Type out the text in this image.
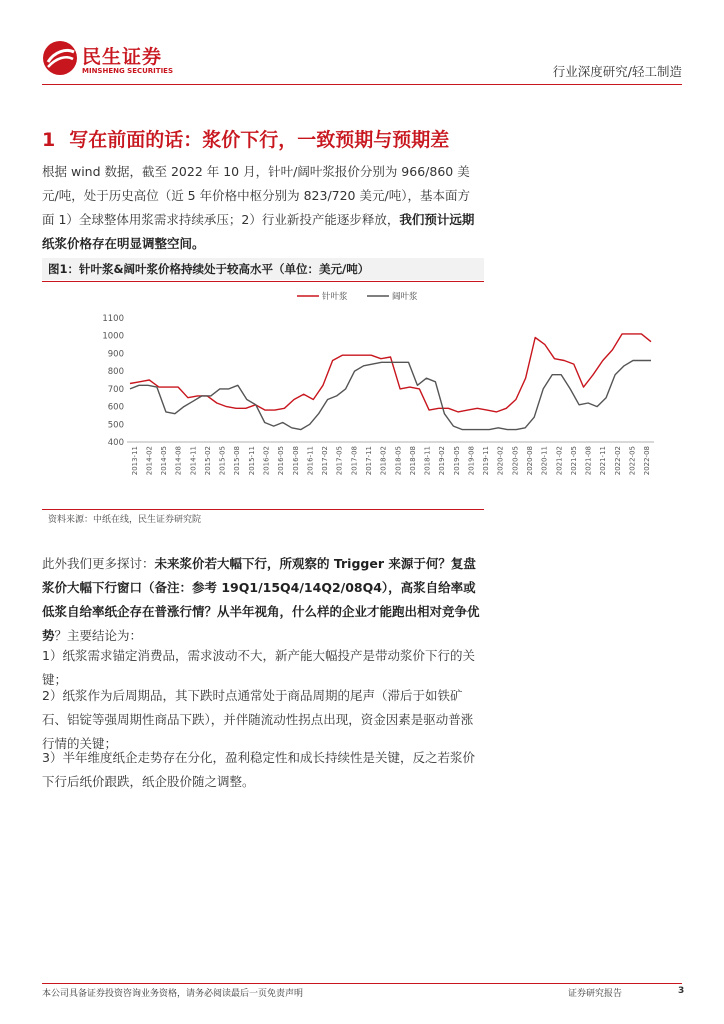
民生证券
MINSHENG SECURITIES	行业深度研究/轻工制造
1 写在前面的话：浆价下行，一致预期与预期差
根据 wind 数据，截至 2022 年 10 月，针叶/阔叶浆报价分别为 966/860 美元/吨，处于历史高位（近 5 年价格中枢分别为 823/720 美元/吨），基本面方面 1）全球整体用浆需求持续承压；2）行业新投产能逐步释放，我们预计远期纸浆价格存在明显调整空间。
图1：针叶浆&阔叶浆价格持续处于较高水平（单位：美元/吨）
针叶浆	阔叶浆
400
500
600
700
800
900
1000
1100
2013-11 2014-02 2014-05 2014-08 2014-11 2015-02 2015-05 2015-08 2015-11 2016-02 2016-05 2016-08 2016-11 2017-02 2017-05 2017-08 2017-11 2018-02 2018-05 2018-08 2018-11 2019-02 2019-05 2019-08 2019-11 2020-02 2020-05 2020-08 2020-11 2021-02 2021-05 2021-08 2021-11 2022-02 2022-05 2022-08
资料来源：中纸在线，民生证券研究院
此外我们更多探讨：未来浆价若大幅下行，所观察的 Trigger 来源于何？复盘浆价大幅下行窗口（备注：参考 19Q1/15Q4/14Q2/08Q4），高浆自给率或低浆自给率纸企存在普涨行情？从半年视角，什么样的企业才能跑出相对竞争优势？主要结论为：
1）纸浆需求锚定消费品，需求波动不大，新产能大幅投产是带动浆价下行的关键；
2）纸浆作为后周期品，其下跌时点通常处于商品周期的尾声（滞后于如铁矿石、铝锭等强周期性商品下跌），并伴随流动性拐点出现，资金因素是驱动普涨行情的关键；
3）半年维度纸企走势存在分化，盈利稳定性和成长持续性是关键，反之若浆价下行后纸价跟跌，纸企股价随之调整。
本公司具备证券投资咨询业务资格，请务必阅读最后一页免责声明	证券研究报告	3
